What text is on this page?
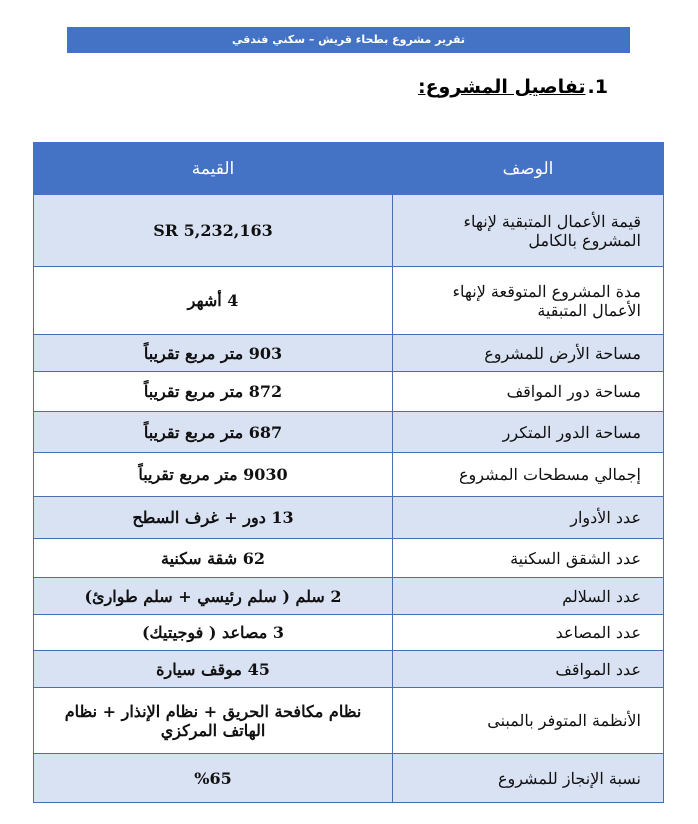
تقرير مشروع بطحاء قريش – سكني فندقي
1.تفاصيل المشروع:
الوصف	القيمة
قيمة الأعمال المتبقية لإنهاء المشروع بالكامل	5,232,163 SR
مدة المشروع المتوقعة لإنهاء الأعمال المتبقية	4 أشهر
مساحة الأرض للمشروع	903 متر مربع تقريباً
مساحة دور المواقف	872 متر مربع تقريباً
مساحة الدور المتكرر	687 متر مربع تقريباً
إجمالي مسطحات المشروع	9030 متر مربع تقريباً
عدد الأدوار	13 دور + غرف السطح
عدد الشقق السكنية	62 شقة سكنية
عدد السلالم	2 سلم ( سلم رئيسي + سلم طوارئ)
عدد المصاعد	3 مصاعد ( فوجيتيك)
عدد المواقف	45 موقف سيارة
الأنظمة المتوفر بالمبنى	نظام مكافحة الحريق + نظام الإنذار + نظام الهاتف المركزي
نسبة الإنجاز للمشروع	%65
